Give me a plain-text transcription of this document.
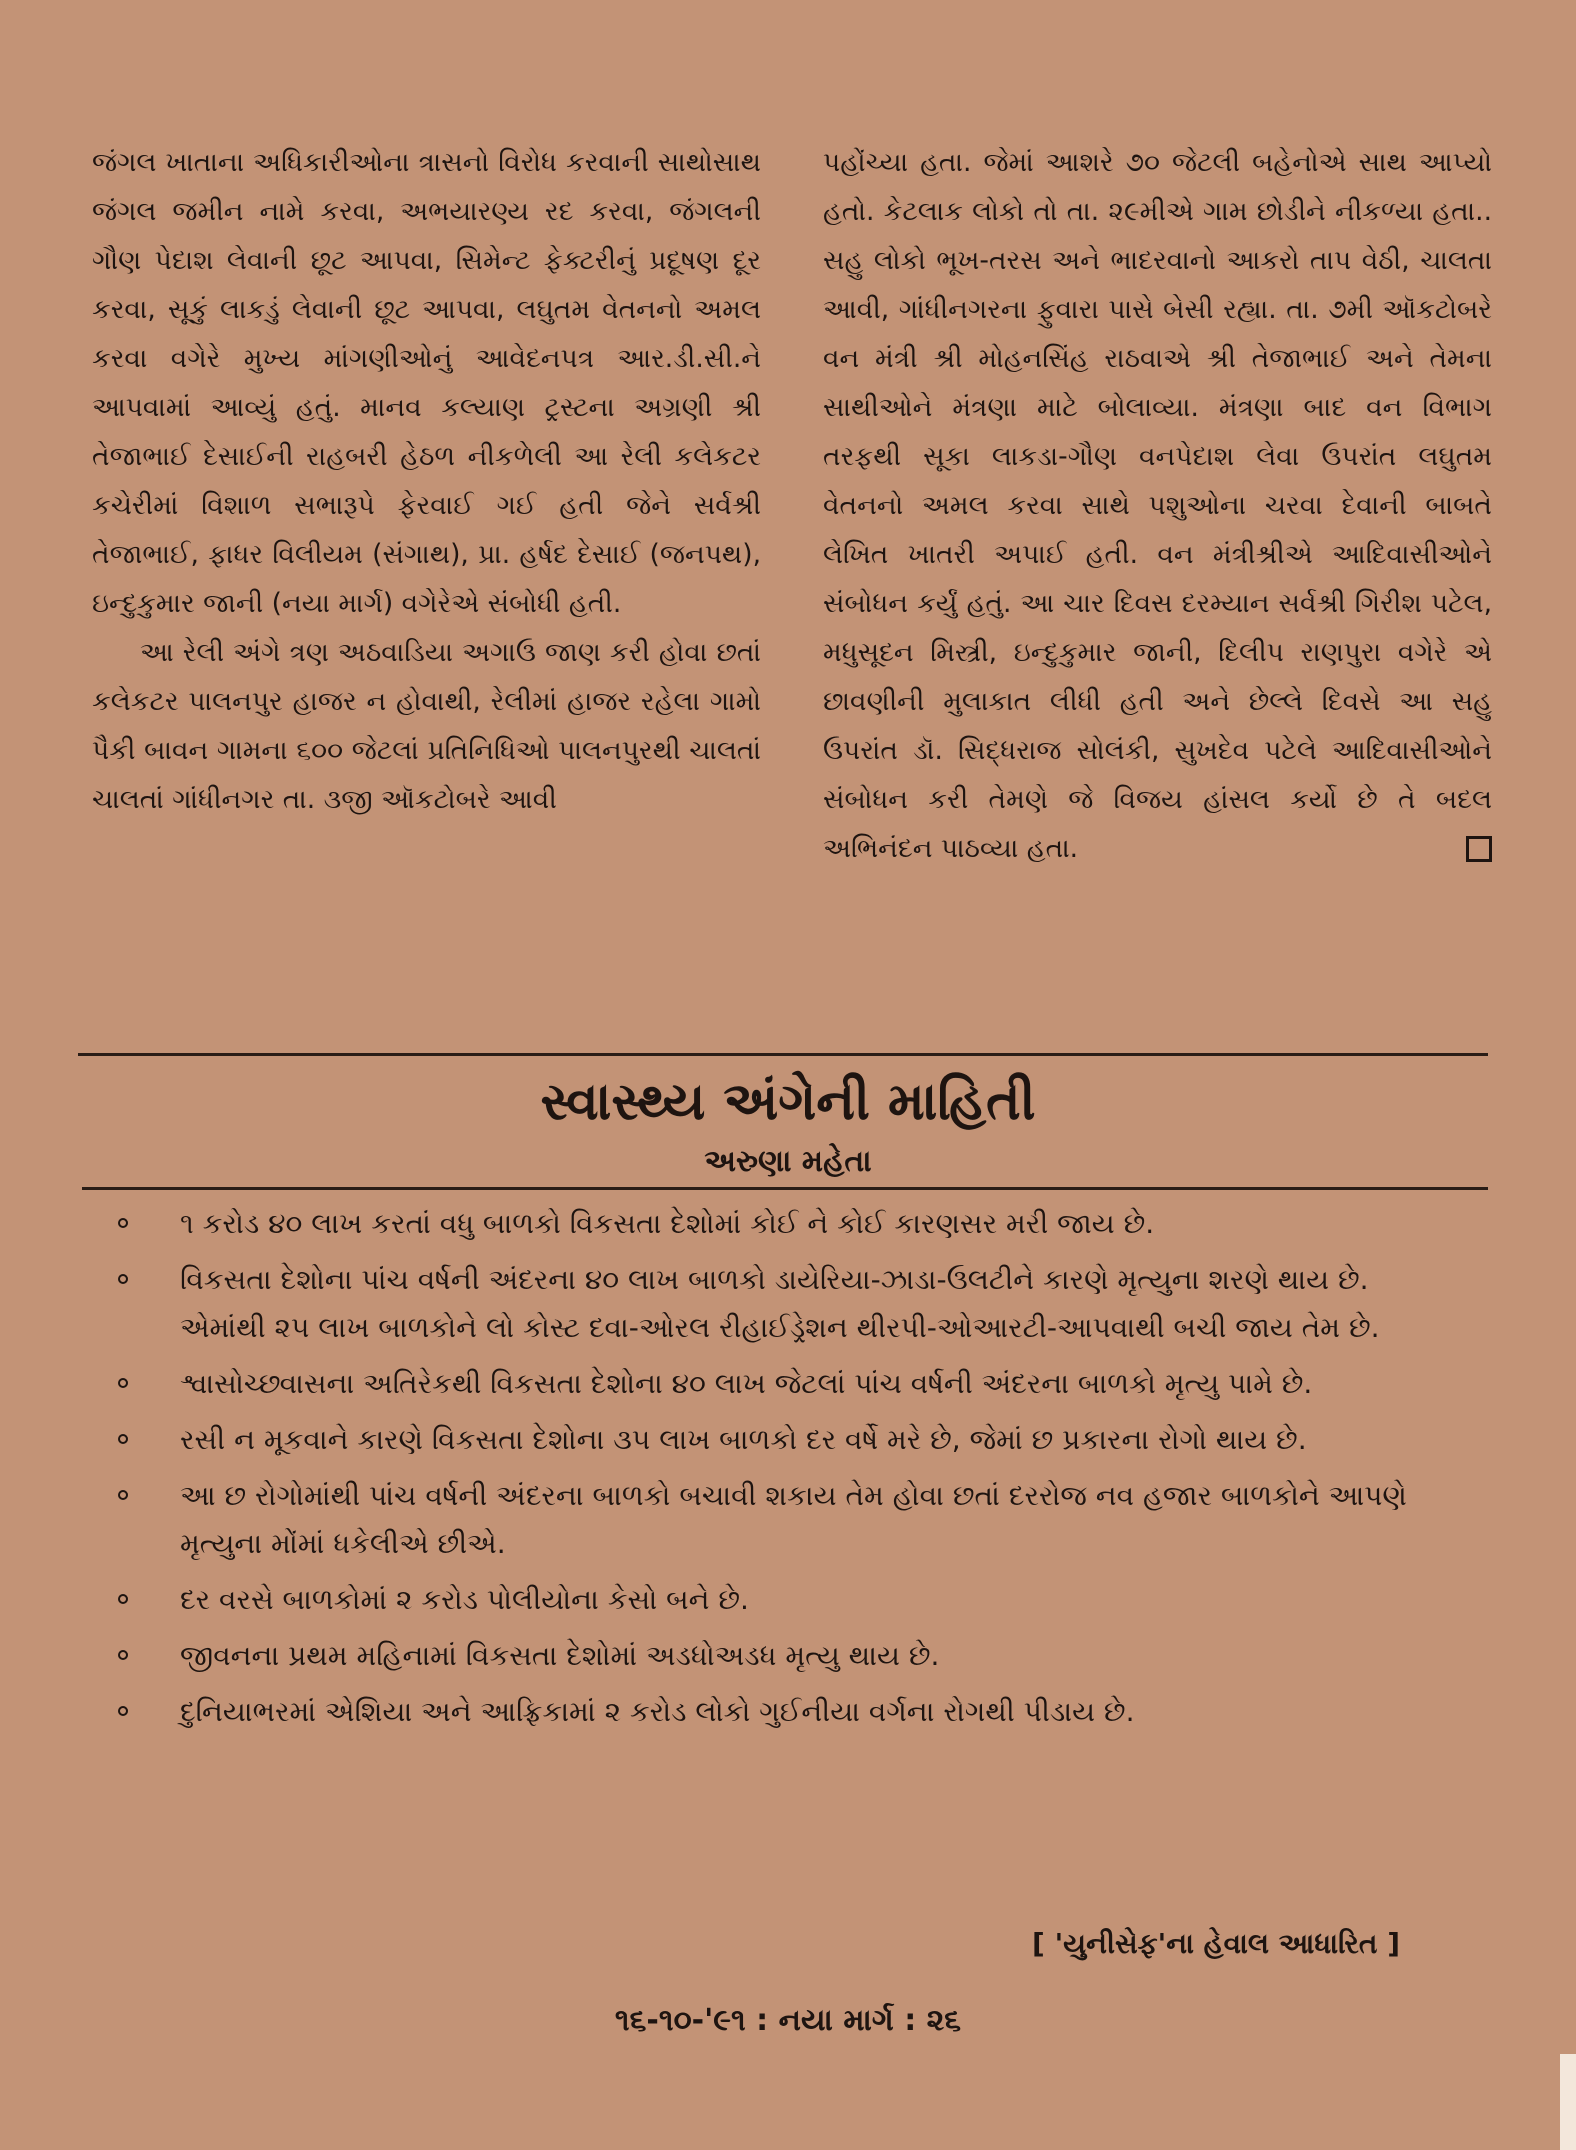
જંગલ ખાતાના અધિકારીઓના ત્રાસનો વિરોધ કરવાની સાથોસાથ જંગલ જમીન નામે કરવા, અભયારણ્ય રદ કરવા, જંગલની ગૌણ પેદાશ લેવાની છૂટ આપવા, સિમેન્ટ ફેક્ટરીનું પ્રદૂષણ દૂર કરવા, સૂકું લાકડું લેવાની છૂટ આપવા, લઘુતમ વેતનનો અમલ કરવા વગેરે મુખ્ય માંગણીઓનું આવેદનપત્ર આર.ડી.સી.ને આપવામાં આવ્યું હતું. માનવ કલ્યાણ ટ્રસ્ટના અગ્રણી શ્રી તેજાભાઈ દેસાઈની રાહબરી હેઠળ નીકળેલી આ રેલી કલેકટર કચેરીમાં વિશાળ સભારૂપે ફેરવાઈ ગઈ હતી જેને સર્વશ્રી તેજાભાઈ, ફાધર વિલીયમ (સંગાથ), પ્રા. હર્ષદ દેસાઈ (જનપથ), ઇન્દુકુમાર જાની (નયા માર્ગ) વગેરેએ સંબોધી હતી.

આ રેલી અંગે ત્રણ અઠવાડિયા અગાઉ જાણ કરી હોવા છતાં કલેકટર પાલનપુર હાજર ન હોવાથી, રેલીમાં હાજર રહેલા ગામો પૈકી બાવન ગામના ૬૦૦ જેટલાં પ્રતિનિધિઓ પાલનપુરથી ચાલતાં ચાલતાં ગાંધીનગર તા. ૩જી ઑકટોબરે આવી

પહોંચ્યા હતા. જેમાં આશરે ૭૦ જેટલી બહેનોએ સાથ આપ્યો હતો. કેટલાક લોકો તો તા. ૨૯મીએ ગામ છોડીને નીકળ્યા હતા.. સહુ લોકો ભૂખ-તરસ અને ભાદરવાનો આકરો તાપ વેઠી, ચાલતા આવી, ગાંધીનગરના ફુવારા પાસે બેસી રહ્યા. તા. ૭મી ઑકટોબરે વન મંત્રી શ્રી મોહનસિંહ રાઠવાએ શ્રી તેજાભાઈ અને તેમના સાથીઓને મંત્રણા માટે બોલાવ્યા. મંત્રણા બાદ વન વિભાગ તરફથી સૂકા લાકડા-ગૌણ વનપેદાશ લેવા ઉપરાંત લઘુતમ વેતનનો અમલ કરવા સાથે પશુઓના ચરવા દેવાની બાબતે લેખિત ખાતરી અપાઈ હતી. વન મંત્રીશ્રીએ આદિવાસીઓને સંબોધન કર્યું હતું. આ ચાર દિવસ દરમ્યાન સર્વશ્રી ગિરીશ પટેલ, મધુસૂદન મિસ્ત્રી, ઇન્દુકુમાર જાની, દિલીપ રાણપુરા વગેરે એ છાવણીની મુલાકાત લીધી હતી અને છેલ્લે દિવસે આ સહુ ઉપરાંત ડૉ. સિદ્ધરાજ સોલંકી, સુખદેવ પટેલે આદિવાસીઓને સંબોધન કરી તેમણે જે વિજય હાંસલ કર્યો છે તે બદલ અભિનંદન પાઠવ્યા હતા.

સ્વાસ્થ્ય અંગેની માહિતી
અરુણા મહેતા
૧ કરોડ ૪૦ લાખ કરતાં વધુ બાળકો વિકસતા દેશોમાં કોઈ ને કોઈ કારણસર મરી જાય છે.
વિકસતા દેશોના પાંચ વર્ષની અંદરના ૪૦ લાખ બાળકો ડાયેરિયા-ઝાડા-ઉલટીને કારણે મૃત્યુના શરણે થાય છે. એમાંથી ૨૫ લાખ બાળકોને લો કોસ્ટ દવા-ઓરલ રીહાઈડ્રેશન થીરપી-ઓઆરટી-આપવાથી બચી જાય તેમ છે.
શ્વાસોચ્છ્વાસના અતિરેકથી વિકસતા દેશોના ૪૦ લાખ જેટલાં પાંચ વર્ષની અંદરના બાળકો મૃત્યુ પામે છે.
રસી ન મૂકવાને કારણે વિકસતા દેશોના ૩૫ લાખ બાળકો દર વર્ષે મરે છે, જેમાં છ પ્રકારના રોગો થાય છે.
આ છ રોગોમાંથી પાંચ વર્ષની અંદરના બાળકો બચાવી શકાય તેમ હોવા છતાં દરરોજ નવ હજાર બાળકોને આપણે મૃત્યુના મોંમાં ધકેલીએ છીએ.
દર વરસે બાળકોમાં ૨ કરોડ પોલીયોના કેસો બને છે.
જીવનના પ્રથમ મહિનામાં વિકસતા દેશોમાં અડધોઅડધ મૃત્યુ થાય છે.
દુનિયાભરમાં એશિયા અને આફ્રિકામાં ૨ કરોડ લોકો ગુઈનીયા વર્ગના રોગથી પીડાય છે.
[ 'યુનીસેફ'ના હેવાલ આધારિત ]
૧૬-૧૦-'૯૧ : નયા માર્ગ : ૨૬
